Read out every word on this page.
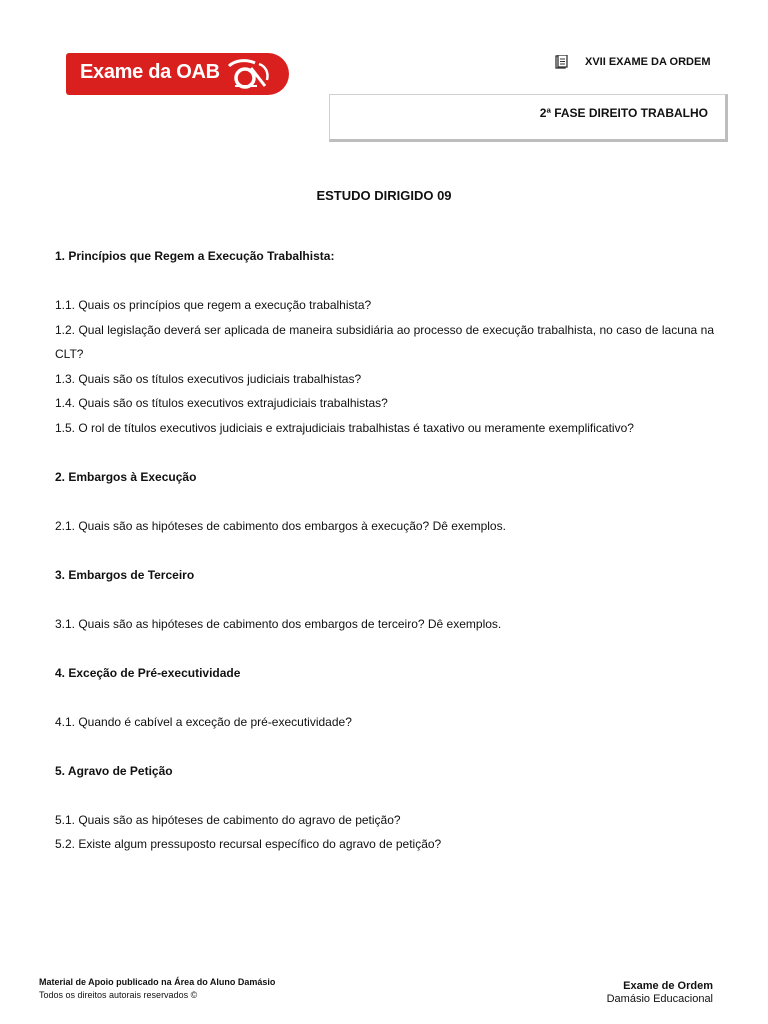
Exame da OAB	XVII EXAME DA ORDEM
2ª FASE DIREITO TRABALHO
ESTUDO DIRIGIDO 09

1. Princípios que Regem a Execução Trabalhista:

1.1. Quais os princípios que regem a execução trabalhista?

1.2. Qual legislação deverá ser aplicada de maneira subsidiária ao processo de execução trabalhista, no caso de lacuna na CLT?

1.3. Quais são os títulos executivos judiciais trabalhistas?

1.4. Quais são os títulos executivos extrajudiciais trabalhistas?

1.5. O rol de títulos executivos judiciais e extrajudiciais trabalhistas é taxativo ou meramente exemplificativo?

2. Embargos à Execução

2.1. Quais são as hipóteses de cabimento dos embargos à execução? Dê exemplos.

3. Embargos de Terceiro

3.1. Quais são as hipóteses de cabimento dos embargos de terceiro? Dê exemplos.

4. Exceção de Pré-executividade

4.1. Quando é cabível a exceção de pré-executividade?

5. Agravo de Petição

5.1. Quais são as hipóteses de cabimento do agravo de petição?

5.2. Existe algum pressuposto recursal específico do agravo de petição?

Material de Apoio publicado na Área do Aluno Damásio
Todos os direitos autorais reservados ©
Exame de Ordem
Damásio Educacional
